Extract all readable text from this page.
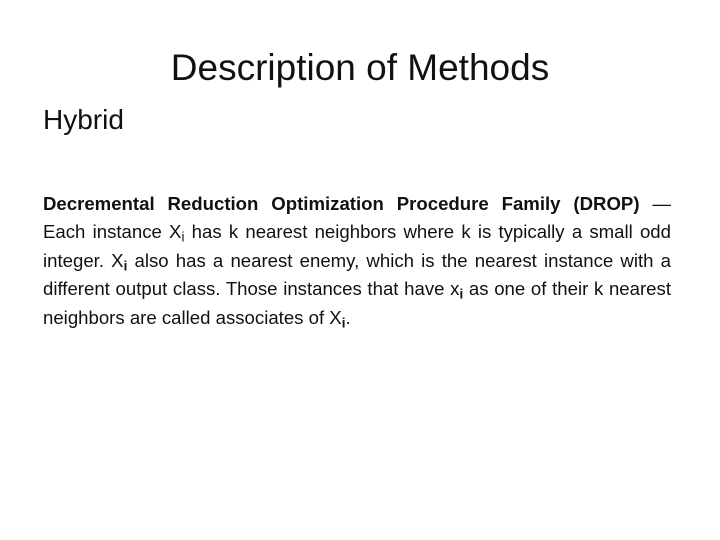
Description of Methods
Hybrid

Decremental Reduction Optimization Procedure Family (DROP) — Each instance $X_i$ has k nearest neighbors where k is typically a small odd integer. $X_i$ also has a nearest enemy, which is the nearest instance with a different output class. Those instances that have $x_i$ as one of their k nearest neighbors are called associates of $X_i$.
